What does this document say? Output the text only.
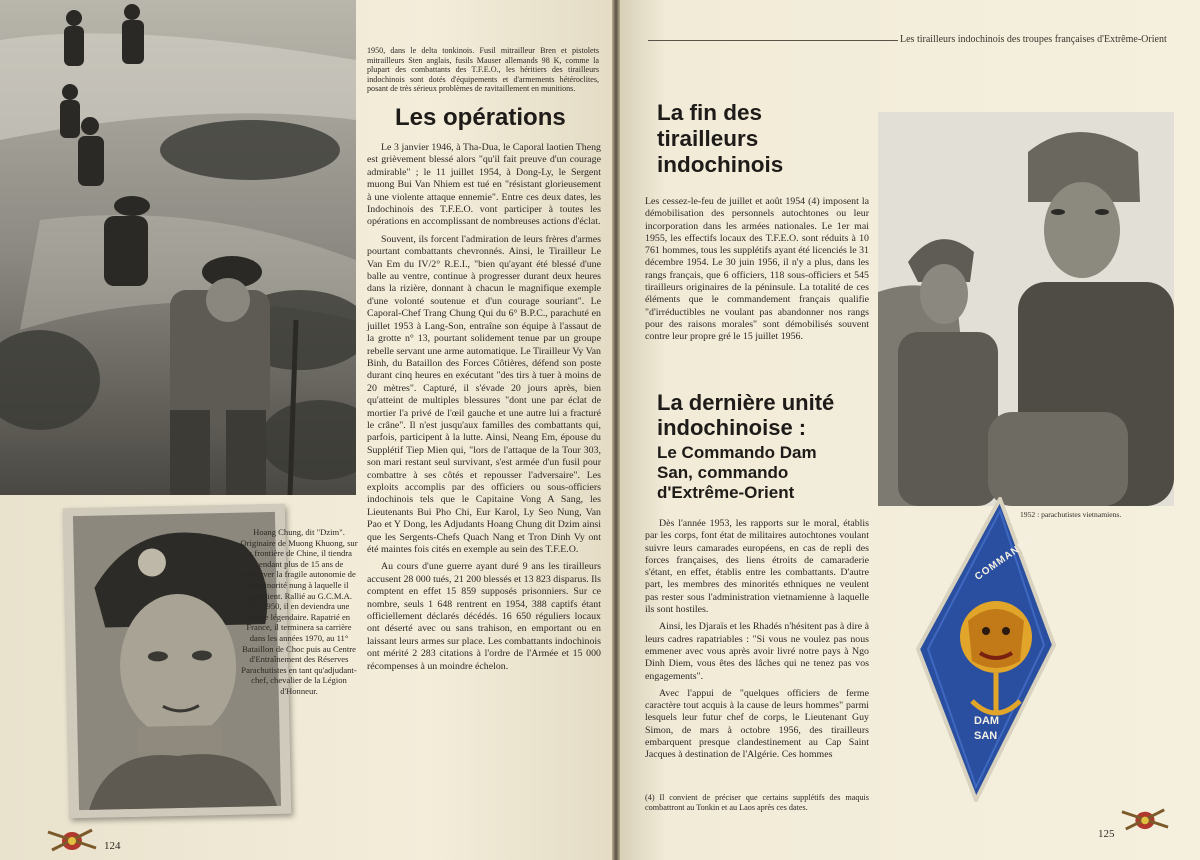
Hoang Chung, dit "Dzim". Originaire de Muong Khuong, sur la frontière de Chine, il tiendra pendant plus de 15 ans de préserver la fragile autonomie de la minorité nung à laquelle il appartient. Rallié au G.C.M.A. dès 1950, il en deviendra une figure légendaire. Rapatrié en France, il terminera sa carrière dans les années 1970, au 11° Bataillon de Choc puis au Centre d'Entraînement des Réserves Parachutistes en tant qu'adjudant-chef, chevalier de la Légion d'Honneur.
1950, dans le delta tonkinois. Fusil mitrailleur Bren et pistolets mitrailleurs Sten anglais, fusils Mauser allemands 98 K, comme la plupart des combattants des T.F.E.O., les héritiers des tirailleurs indochinois sont dotés d'équipements et d'armements hétéroclites, posant de très sérieux problèmes de ravitaillement en munitions.
Les opérations

Le 3 janvier 1946, à Tha-Dua, le Caporal laotien Theng est grièvement blessé alors "qu'il fait preuve d'un courage admirable" ; le 11 juillet 1954, à Dong-Ly, le Sergent muong Bui Van Nhiem est tué en "résistant glorieusement à une violente attaque ennemie". Entre ces deux dates, les Indochinois des T.F.E.O. vont participer à toutes les opérations en accomplissant de nombreuses actions d'éclat.

Souvent, ils forcent l'admiration de leurs frères d'armes pourtant combattants chevronnés. Ainsi, le Tirailleur Le Van Em du IV/2° R.E.I., "bien qu'ayant été blessé d'une balle au ventre, continue à progresser durant deux heures dans la rizière, donnant à chacun le magnifique exemple d'une volonté soutenue et d'un courage souriant". Le Caporal-Chef Trang Chung Qui du 6° B.P.C., parachuté en juillet 1953 à Lang-Son, entraîne son équipe à l'assaut de la grotte n° 13, pourtant solidement tenue par un groupe rebelle servant une arme automatique. Le Tirailleur Vy Van Binh, du Bataillon des Forces Côtières, défend son poste durant cinq heures en exécutant "des tirs à tuer à moins de 20 mètres". Capturé, il s'évade 20 jours après, bien qu'atteint de multiples blessures "dont une par éclat de mortier l'a privé de l'œil gauche et une autre lui a fracturé le crâne". Il n'est jusqu'aux familles des combattants qui, parfois, participent à la lutte. Ainsi, Neang Em, épouse du Supplétif Tiep Mien qui, "lors de l'attaque de la Tour 303, son mari restant seul survivant, s'est armée d'un fusil pour combattre à ses côtés et repousser l'adversaire". Les exploits accomplis par des officiers ou sous-officiers indochinois tels que le Capitaine Vong A Sang, les Lieutenants Bui Pho Chi, Eur Karol, Ly Seo Nung, Van Pao et Y Dong, les Adjudants Hoang Chung dit Dzim ainsi que les Sergents-Chefs Quach Nang et Tron Dinh Vy ont été maintes fois cités en exemple au sein des T.F.E.O.

Au cours d'une guerre ayant duré 9 ans les tirailleurs accusent 28 000 tués, 21 200 blessés et 13 823 disparus. Ils comptent en effet 15 859 supposés prisonniers. Sur ce nombre, seuls 1 648 rentrent en 1954, 388 captifs étant officiellement déclarés décédés. 16 650 réguliers locaux ont déserté avec ou sans trahison, en emportant ou en laissant leurs armes sur place. Les combattants indochinois ont mérité 2 283 citations à l'ordre de l'Armée et 15 000 récompenses à un moindre échelon.

124
Les tirailleurs indochinois des troupes françaises d'Extrême-Orient
La fin des tirailleurs indochinois
Les cessez-le-feu de juillet et août 1954 (4) imposent la démobilisation des personnels autochtones ou leur incorporation dans les armées nationales. Le 1er mai 1955, les effectifs locaux des T.F.E.O. sont réduits à 10 761 hommes, tous les supplétifs ayant été licenciés le 31 décembre 1954. Le 30 juin 1956, il n'y a plus, dans les rangs français, que 6 officiers, 118 sous-officiers et 545 tirailleurs originaires de la péninsule. La totalité de ces éléments que le commandement français qualifie "d'irréductibles ne voulant pas abandonner nos rangs pour des raisons morales" sont démobilisés souvent contre leur propre gré le 15 juillet 1956.
La dernière unité indochinoise :
Le Commando Dam San, commando d'Extrême-Orient

Dès l'année 1953, les rapports sur le moral, établis par les corps, font état de militaires autochtones voulant suivre leurs camarades européens, en cas de repli des forces françaises, des liens étroits de camaraderie s'étant, en effet, établis entre les combattants. D'autre part, les membres des minorités ethniques ne veulent pas rester sous l'administration vietnamienne à laquelle ils sont hostiles.

Ainsi, les Djaraïs et les Rhadés n'hésitent pas à dire à leurs cadres rapatriables : "Si vous ne voulez pas nous emmener avec vous après avoir livré notre pays à Ngo Dinh Diem, vous êtes des lâches qui ne tenez pas vos engagements".

Avec l'appui de "quelques officiers de ferme caractère tout acquis à la cause de leurs hommes" parmi lesquels leur futur chef de corps, le Lieutenant Guy Simon, de mars à octobre 1956, des tirailleurs embarquent presque clandestinement au Cap Saint Jacques à destination de l'Algérie. Ces hommes

(4) Il convient de préciser que certains supplétifs des maquis combattront au Tonkin et au Laos après ces dates.
1952 : parachutistes vietnamiens.
COMMANDO
DAM
SAN
125
